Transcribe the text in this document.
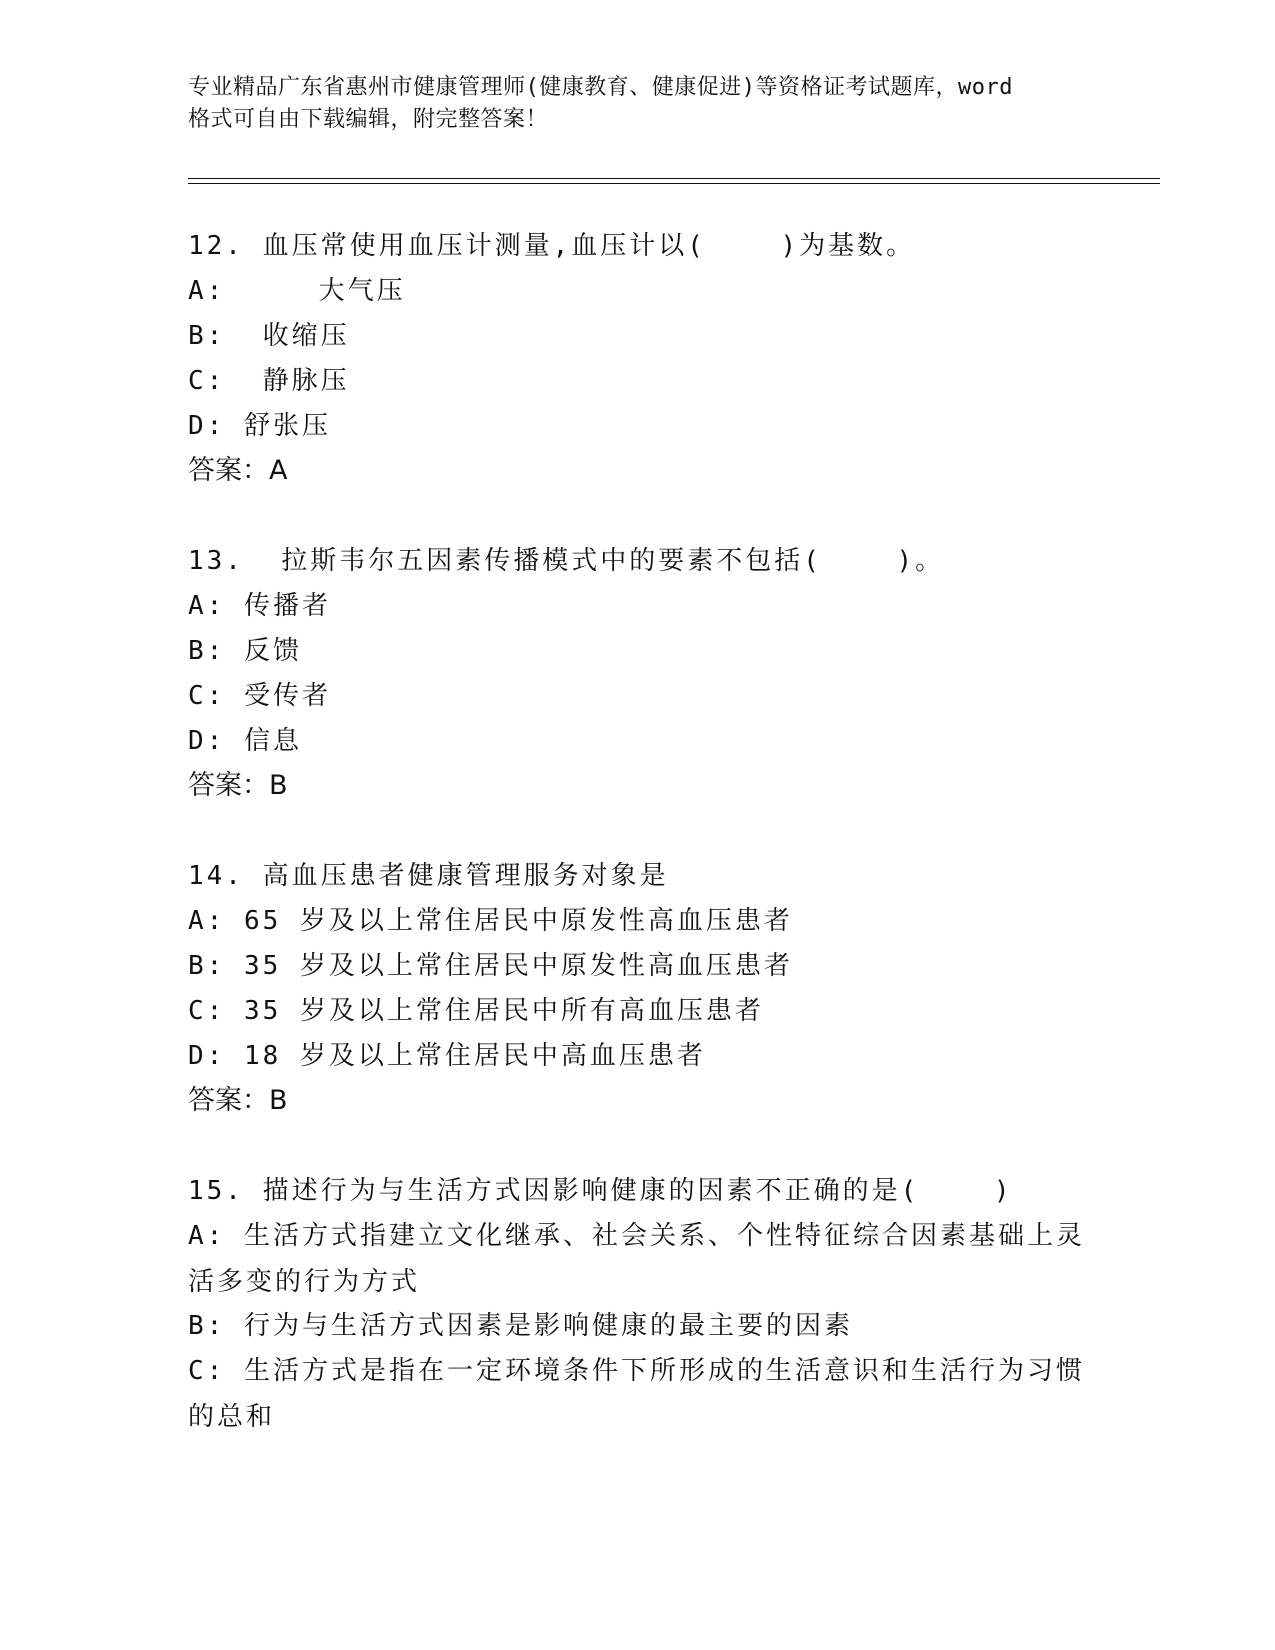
专业精品广东省惠州市健康管理师(健康教育、健康促进)等资格证考试题库，word
格式可自由下载编辑，附完整答案！
12. 血压常使用血压计测量,血压计以(    )为基数。
A:     大气压
B:  收缩压
C:  静脉压
D: 舒张压
答案：A
13.  拉斯韦尔五因素传播模式中的要素不包括(    )。
A: 传播者
B: 反馈
C: 受传者
D: 信息
答案：B
14. 高血压患者健康管理服务对象是
A: 65 岁及以上常住居民中原发性高血压患者
B: 35 岁及以上常住居民中原发性高血压患者
C: 35 岁及以上常住居民中所有高血压患者
D: 18 岁及以上常住居民中高血压患者
答案：B
15. 描述行为与生活方式因影响健康的因素不正确的是(    )
A: 生活方式指建立文化继承、社会关系、个性特征综合因素基础上灵活多变的行为方式
B: 行为与生活方式因素是影响健康的最主要的因素
C: 生活方式是指在一定环境条件下所形成的生活意识和生活行为习惯的总和
